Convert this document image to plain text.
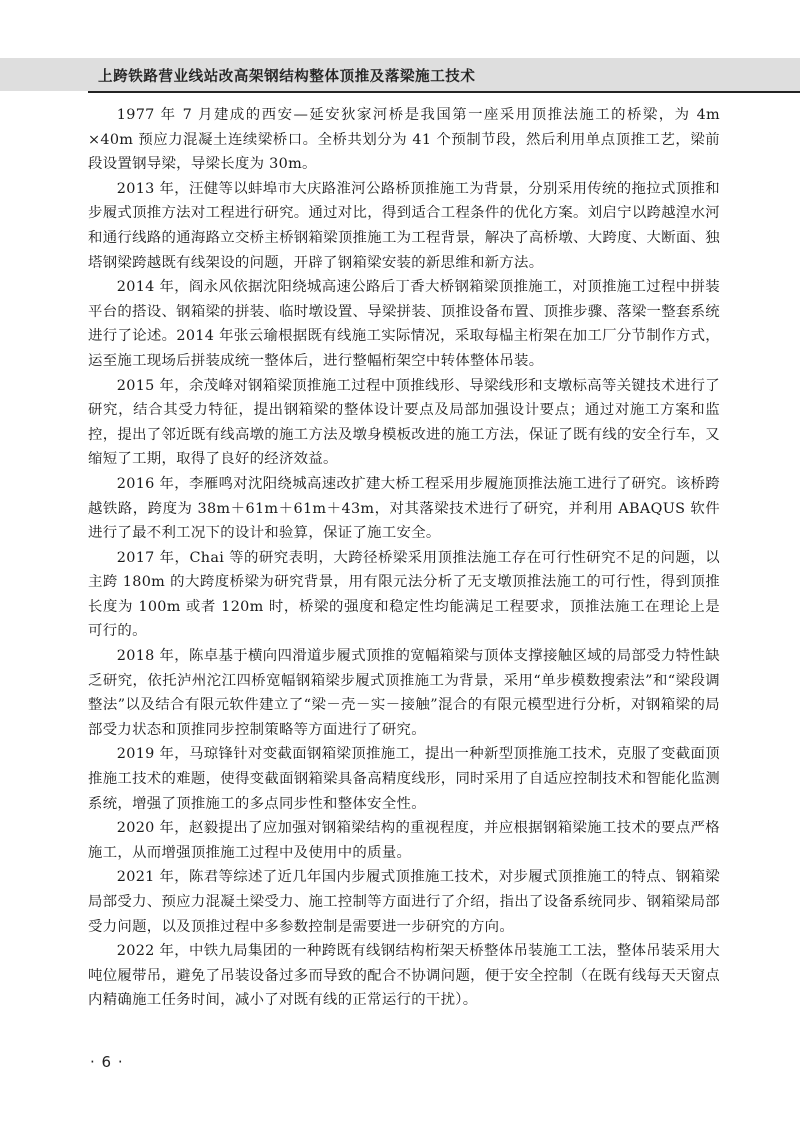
上跨铁路营业线站改高架钢结构整体顶推及落梁施工技术

1977 年 7 月建成的西安—延安狄家河桥是我国第一座采用顶推法施工的桥梁，为 4m ×40m 预应力混凝土连续梁桥口。全桥共划分为 41 个预制节段，然后利用单点顶推工艺，梁前段设置钢导梁，导梁长度为 30m。

2013 年，汪健等以蚌埠市大庆路淮河公路桥顶推施工为背景，分别采用传统的拖拉式顶推和步履式顶推方法对工程进行研究。通过对比，得到适合工程条件的优化方案。刘启宁以跨越湟水河和通行线路的通海路立交桥主桥钢箱梁顶推施工为工程背景，解决了高桥墩、大跨度、大断面、独塔钢梁跨越既有线架设的问题，开辟了钢箱梁安装的新思维和新方法。

2014 年，阎永风依据沈阳绕城高速公路后丁香大桥钢箱梁顶推施工，对顶推施工过程中拼装平台的搭设、钢箱梁的拼装、临时墩设置、导梁拼装、顶推设备布置、顶推步骤、落梁一整套系统进行了论述。2014 年张云瑜根据既有线施工实际情况，采取每榀主桁架在加工厂分节制作方式，运至施工现场后拼装成统一整体后，进行整幅桁架空中转体整体吊装。

2015 年，余茂峰对钢箱梁顶推施工过程中顶推线形、导梁线形和支墩标高等关键技术进行了研究，结合其受力特征，提出钢箱梁的整体设计要点及局部加强设计要点；通过对施工方案和监控，提出了邻近既有线高墩的施工方法及墩身模板改进的施工方法，保证了既有线的安全行车，又缩短了工期，取得了良好的经济效益。

2016 年，李雁鸣对沈阳绕城高速改扩建大桥工程采用步履施顶推法施工进行了研究。该桥跨越铁路，跨度为 38m＋61m＋61m＋43m，对其落梁技术进行了研究，并利用 ABAQUS 软件进行了最不利工况下的设计和验算，保证了施工安全。

2017 年，Chai 等的研究表明，大跨径桥梁采用顶推法施工存在可行性研究不足的问题，以主跨 180m 的大跨度桥梁为研究背景，用有限元法分析了无支墩顶推法施工的可行性，得到顶推长度为 100m 或者 120m 时，桥梁的强度和稳定性均能满足工程要求，顶推法施工在理论上是可行的。

2018 年，陈卓基于横向四滑道步履式顶推的宽幅箱梁与顶体支撑接触区域的局部受力特性缺乏研究，依托泸州沱江四桥宽幅钢箱梁步履式顶推施工为背景，采用“单步模数搜索法”和“梁段调整法”以及结合有限元软件建立了“梁－壳－实－接触”混合的有限元模型进行分析，对钢箱梁的局部受力状态和顶推同步控制策略等方面进行了研究。

2019 年，马琼锋针对变截面钢箱梁顶推施工，提出一种新型顶推施工技术，克服了变截面顶推施工技术的难题，使得变截面钢箱梁具备高精度线形，同时采用了自适应控制技术和智能化监测系统，增强了顶推施工的多点同步性和整体安全性。

2020 年，赵毅提出了应加强对钢箱梁结构的重视程度，并应根据钢箱梁施工技术的要点严格施工，从而增强顶推施工过程中及使用中的质量。

2021 年，陈君等综述了近几年国内步履式顶推施工技术，对步履式顶推施工的特点、钢箱梁局部受力、预应力混凝土梁受力、施工控制等方面进行了介绍，指出了设备系统同步、钢箱梁局部受力问题，以及顶推过程中多参数控制是需要进一步研究的方向。

2022 年，中铁九局集团的一种跨既有线钢结构桁架天桥整体吊装施工工法，整体吊装采用大吨位履带吊，避免了吊装设备过多而导致的配合不协调问题，便于安全控制（在既有线每天天窗点内精确施工任务时间，减小了对既有线的正常运行的干扰）。

· 6 ·
